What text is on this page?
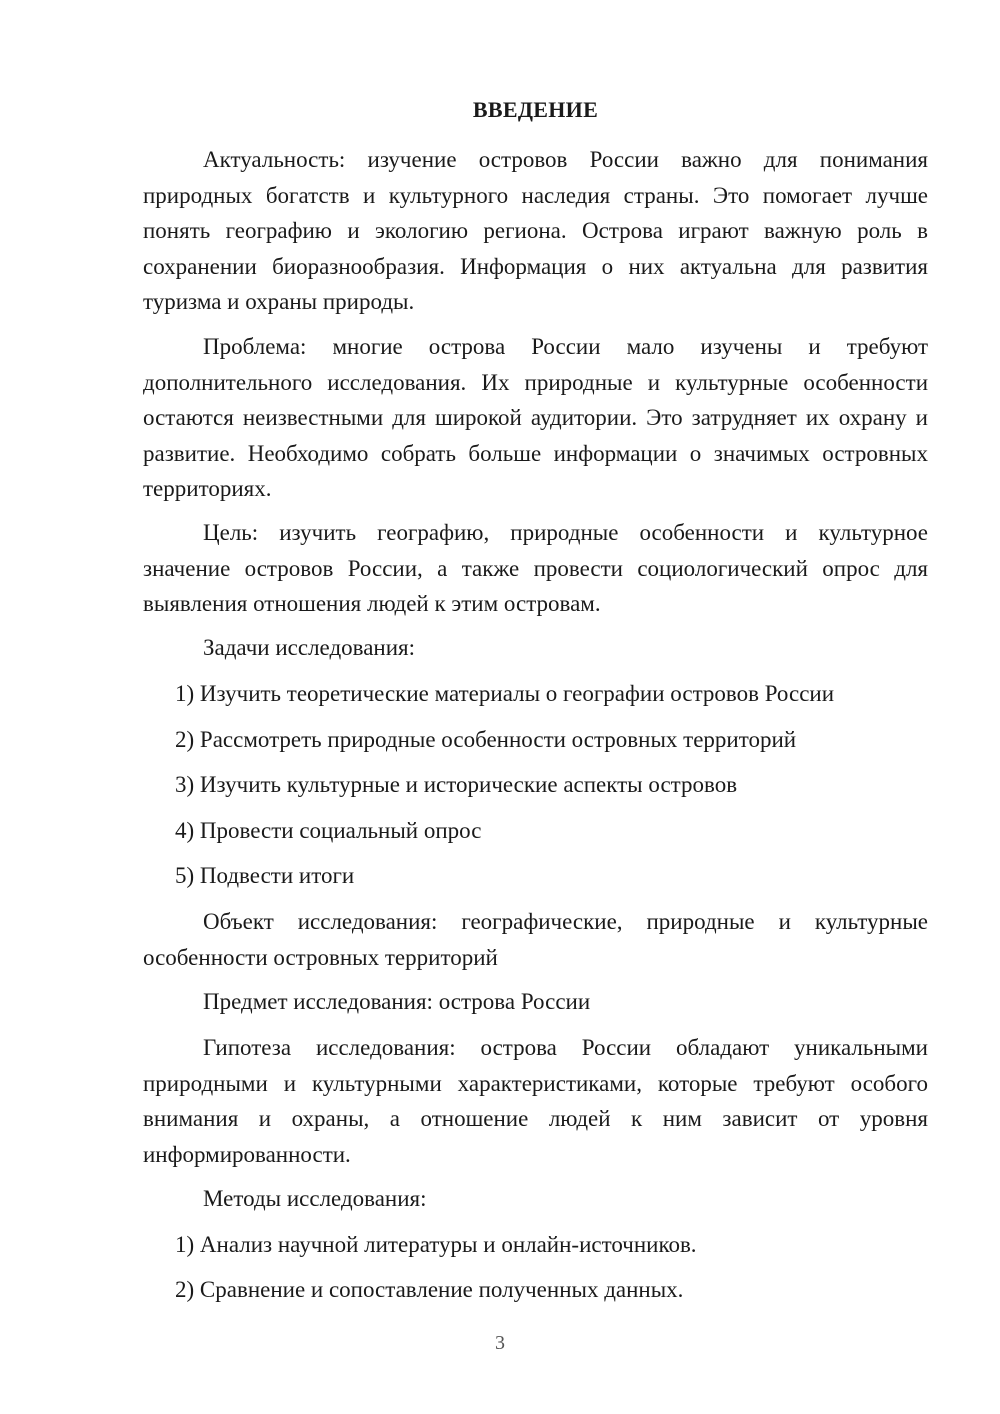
ВВЕДЕНИЕ

Актуальность: изучение островов России важно для понимания природных богатств и культурного наследия страны. Это помогает лучше понять географию и экологию региона. Острова играют важную роль в сохранении биоразнообразия. Информация о них актуальна для развития туризма и охраны природы.

Проблема: многие острова России мало изучены и требуют дополнительного исследования. Их природные и культурные особенности остаются неизвестными для широкой аудитории. Это затрудняет их охрану и развитие. Необходимо собрать больше информации о значимых островных территориях.

Цель: изучить географию, природные особенности и культурное значение островов России, а также провести социологический опрос для выявления отношения людей к этим островам.

Задачи исследования:

1) Изучить теоретические материалы о географии островов России

2) Рассмотреть природные особенности островных территорий

3) Изучить культурные и исторические аспекты островов

4) Провести социальный опрос

5) Подвести итоги

Объект исследования: географические, природные и культурные особенности островных территорий

Предмет исследования: острова России

Гипотеза исследования: острова России обладают уникальными природными и культурными характеристиками, которые требуют особого внимания и охраны, а отношение людей к ним зависит от уровня информированности.

Методы исследования:

1) Анализ научной литературы и онлайн-источников.

2) Сравнение и сопоставление полученных данных.

3
